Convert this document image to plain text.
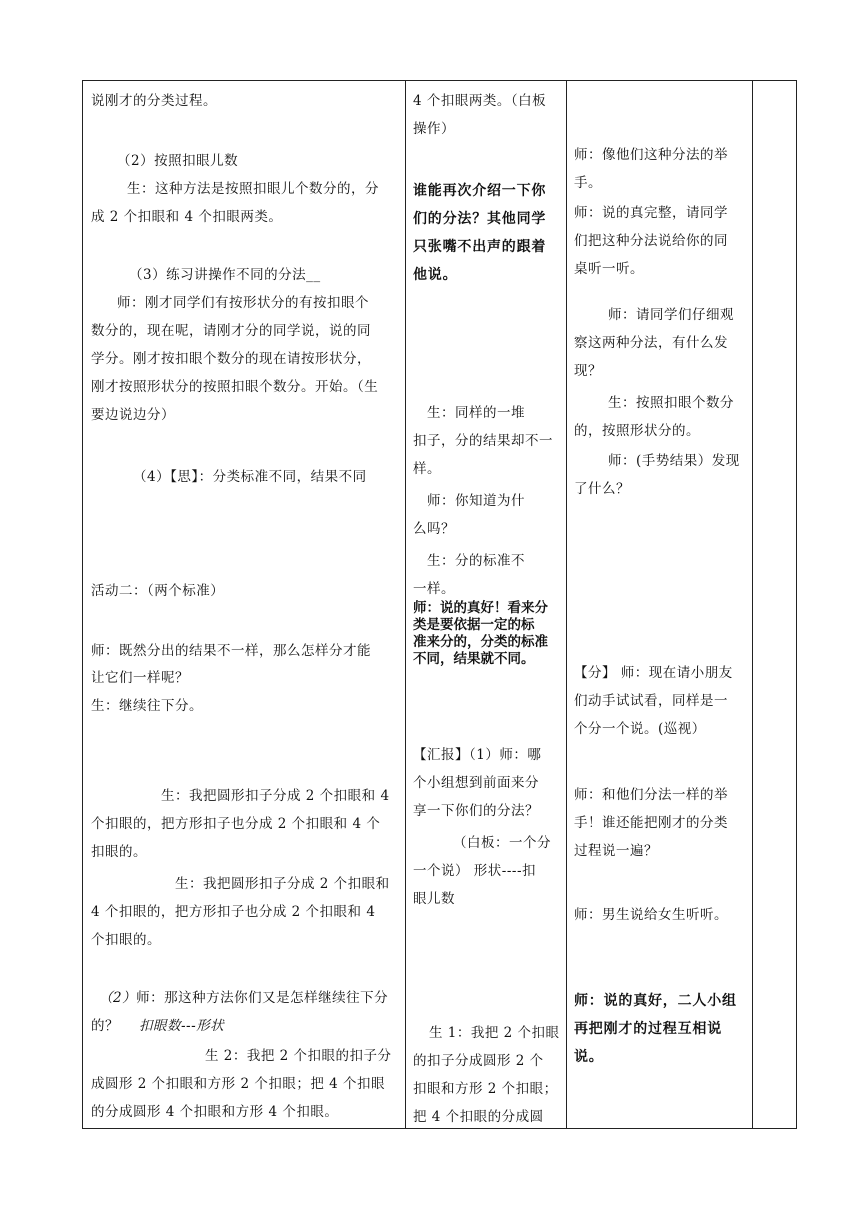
说刚才的分类过程。
（2）按照扣眼儿数
生：这种方法是按照扣眼儿个数分的，分
成 2 个扣眼和 4 个扣眼两类。
（3）练习讲操作不同的分法__
师：刚才同学们有按形状分的有按扣眼个
数分的，现在呢，请刚才分的同学说，说的同
学分。刚才按扣眼个数分的现在请按形状分，
刚才按照形状分的按照扣眼个数分。开始。（生
要边说边分）
（4）【思】：分类标准不同，结果不同
活动二：（两个标准）
师：既然分出的结果不一样，那么怎样分才能
让它们一样呢？
生：继续往下分。
生：我把圆形扣子分成 2 个扣眼和 4
个扣眼的，把方形扣子也分成 2 个扣眼和 4 个
扣眼的。
生：我把圆形扣子分成 2 个扣眼和
4 个扣眼的，把方形扣子也分成 2 个扣眼和 4
个扣眼的。
（2）师：那这种方法你们又是怎样继续往下分
的？ 扣眼数---形状
生 2：我把 2 个扣眼的扣子分
成圆形 2 个扣眼和方形 2 个扣眼；把 4 个扣眼
的分成圆形 4 个扣眼和方形 4 个扣眼。
4 个扣眼两类。（白板
操作）
谁能再次介绍一下你
们的分法？其他同学
只张嘴不出声的跟着
他说。
生：同样的一堆
扣子，分的结果却不一
样。
师：你知道为什
么吗？
生：分的标准不
一样。
师：说的真好！看来分
类是要依据一定的标
准来分的，分类的标准
不同，结果就不同。
【汇报】（1）师：哪
个小组想到前面来分
享一下你们的分法？
（白板：一个分
一个说） 形状----扣
眼儿数
生 1：我把 2 个扣眼
的扣子分成圆形 2 个
扣眼和方形 2 个扣眼；
把 4 个扣眼的分成圆
师：像他们这种分法的举
手。
师：说的真完整，请同学
们把这种分法说给你的同
桌听一听。
师：请同学们仔细观
察这两种分法，有什么发
现？
生：按照扣眼个数分
的，按照形状分的。
师：(手势结果）发现
了什么？
【分】 师：现在请小朋友
们动手试试看，同样是一
个分一个说。(巡视）
师：和他们分法一样的举
手！谁还能把刚才的分类
过程说一遍？
师：男生说给女生听听。
师：说的真好，二人小组
再把刚才的过程互相说
说。
